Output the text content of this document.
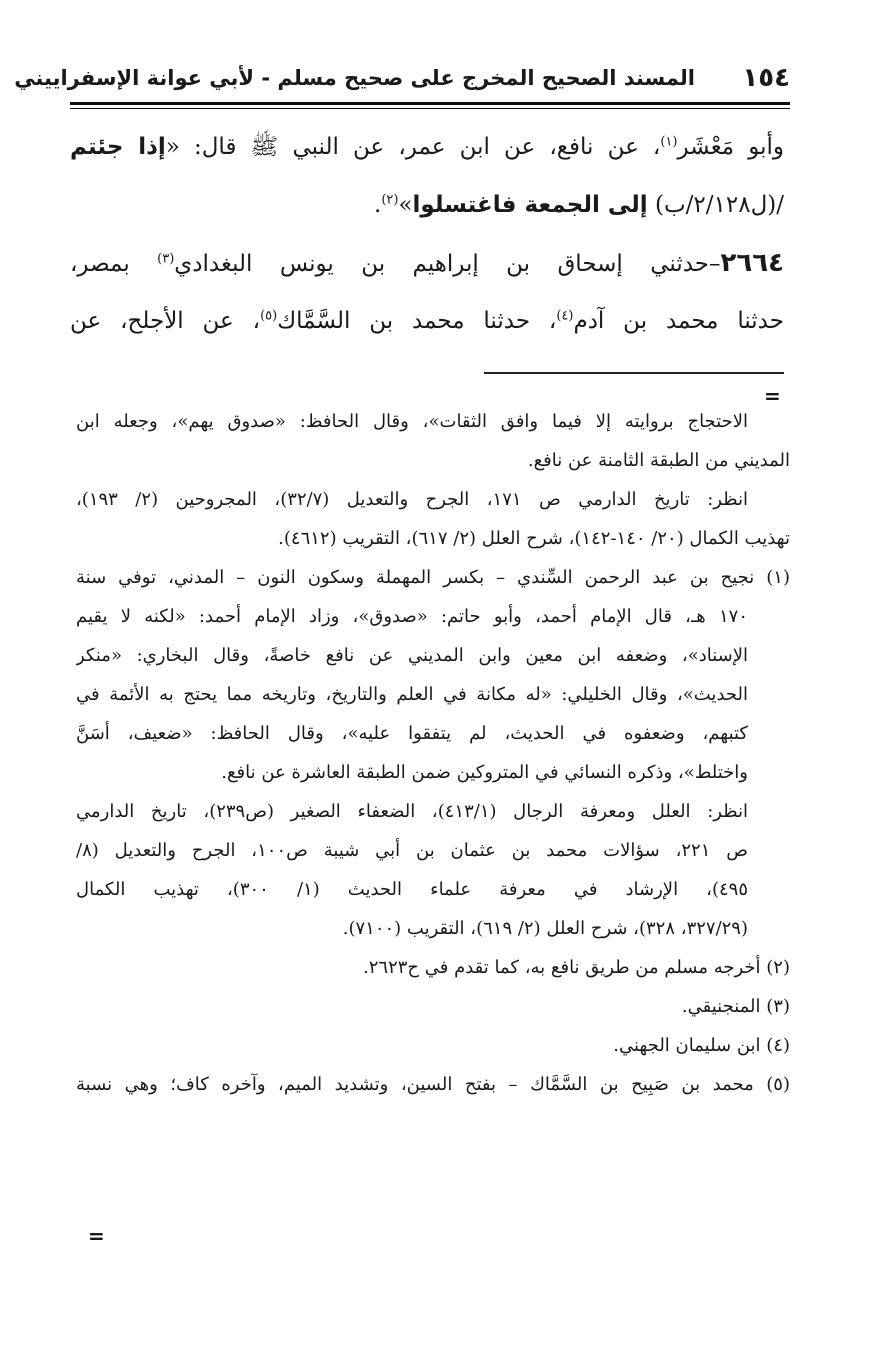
١٥٤
المسند الصحيح المخرج على صحيح مسلم - لأبي عوانة الإسفراييني
وأبو مَعْشَر$^{(١)}$، عن نافع، عن ابن عمر، عن النبي ﷺ قال: «إذا جئتم
/(ل٢/١٢٨/ب) إلى الجمعة فاغتسلوا»$^{(٢)}$.
٢٦٦٤–حدثني إسحاق بن إبراهيم بن يونس البغدادي$^{(٣)}$ بمصر،
حدثنا محمد بن آدم$^{(٤)}$، حدثنا محمد بن السَّمَّاك$^{(٥)}$، عن الأجلح، عن
=
الاحتجاج بروايته إلا فيما وافق الثقات»، وقال الحافظ: «صدوق يهم»، وجعله ابن
المديني من الطبقة الثامنة عن نافع.
انظر: تاريخ الدارمي ص ١٧١، الجرح والتعديل (٣٢/٧)، المجروحين (٢/ ١٩٣)،
تهذيب الكمال (٢٠/ ١٤٠-١٤٢)، شرح العلل (٢/ ٦١٧)، التقريب (٤٦١٢).
(١) نجيح بن عبد الرحمن السِّندي – بكسر المهملة وسكون النون – المدني، توفي سنة
١٧٠ هـ، قال الإمام أحمد، وأبو حاتم: «صدوق»، وزاد الإمام أحمد: «لكنه لا يقيم
الإسناد»، وضعفه ابن معين وابن المديني عن نافع خاصةً، وقال البخاري: «منكر
الحديث»، وقال الخليلي: «له مكانة في العلم والتاريخ، وتاريخه مما يحتج به الأئمة في
كتبهم، وضعفوه في الحديث، لم يتفقوا عليه»، وقال الحافظ: «ضعيف، أسَنَّ
واختلط»، وذكره النسائي في المتروكين ضمن الطبقة العاشرة عن نافع.
انظر: العلل ومعرفة الرجال (٤١٣/١)، الضعفاء الصغير (ص٢٣٩)، تاريخ الدارمي
ص ٢٢١، سؤالات محمد بن عثمان بن أبي شيبة ص١٠٠، الجرح والتعديل (٨/
٤٩٥)، الإرشاد في معرفة علماء الحديث (١/ ٣٠٠)، تهذيب الكمال
(٣٢٧/٢٩، ٣٢٨)، شرح العلل (٢/ ٦١٩)، التقريب (٧١٠٠).
(٢) أخرجه مسلم من طريق نافع به، كما تقدم في ح٢٦٢٣.
(٣) المنجنيقي.
(٤) ابن سليمان الجهني.
(٥) محمد بن صَبِيح بن السَّمَّاك – بفتح السين، وتشديد الميم، وآخره كاف؛ وهي نسبة
=
